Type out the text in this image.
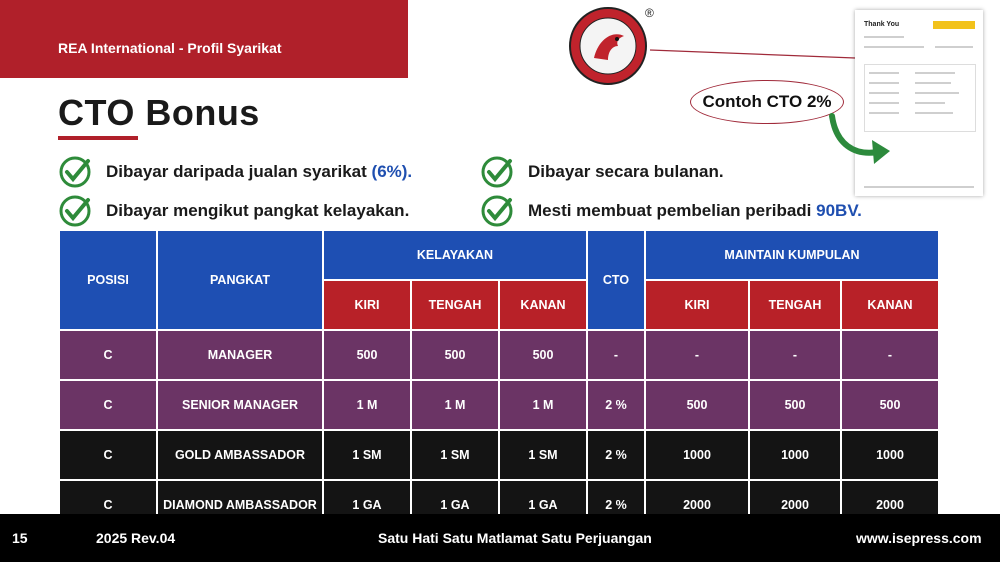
REA International - Profil Syarikat
®
CTO Bonus
Dibayar daripada jualan syarikat
(6%).	Dibayar secara bulanan.
Dibayar mengikut pangkat kelayakan.	Mesti membuat pembelian peribadi
90BV.
Thank You
Contoh CTO 2%
POSISI	PANGKAT	KELAYAKAN			CTO	MAINTAIN KUMPULAN		
		KIRI	TENGAH	KANAN		KIRI	TENGAH	KANAN
C	MANAGER	500	500	500	-	-	-	-
C	SENIOR MANAGER	1 M	1 M	1 M	2 %	500	500	500
C	GOLD AMBASSADOR	1 SM	1 SM	1 SM	2 %	1000	1000	1000
C	DIAMOND AMBASSADOR	1 GA	1 GA	1 GA	2 %	2000	2000	2000
15	2025 Rev.04	Satu Hati Satu Matlamat Satu Perjuangan	www.isepress.com
